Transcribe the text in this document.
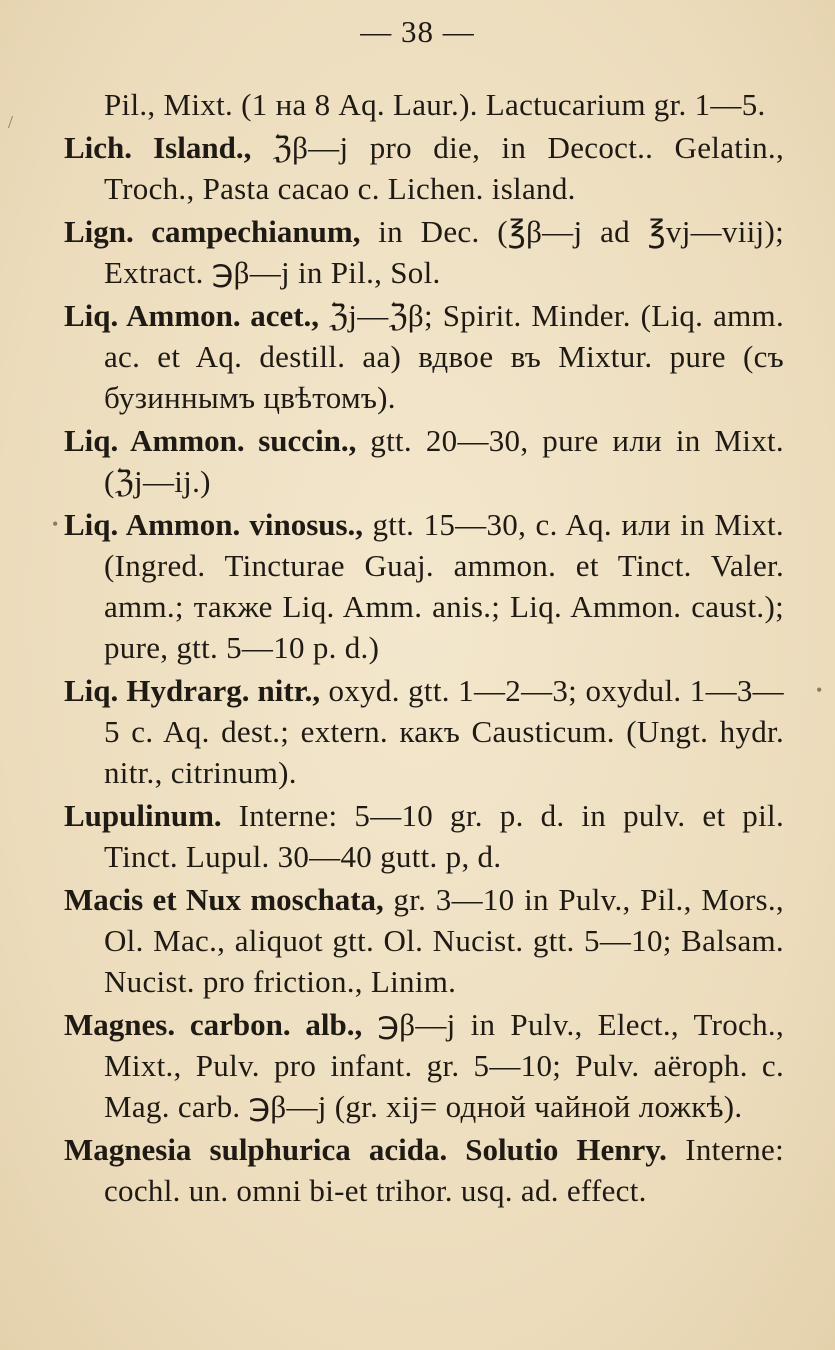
— 38 —

Pil., Mixt. (1 на 8 Aq. Laur.). Lactucarium gr. 1—5.

Lich. Island., ℨβ—j pro die, in Decoct.. Gelatin., Troch., Pasta cacao c. Lichen. island.

Lign. campechianum, in Dec. (℥β—j ad ℥vj—viij); Extract. ℈β—j in Pil., Sol.

Liq. Ammon. acet., ℨj—ℨβ; Spirit. Minder. (Liq. amm. ac. et Aq. destill. aa) вдвое въ Mixtur. pure (съ бузиннымъ цвѣтомъ).

Liq. Ammon. succin., gtt. 20—30, pure или in Mixt. (ℨj—ij.)

Liq. Ammon. vinosus., gtt. 15—30, c. Aq. или in Mixt. (Ingred. Tincturae Guaj. ammon. et Tinct. Valer. amm.; также Liq. Amm. anis.; Liq. Ammon. caust.); pure, gtt. 5—10 p. d.)

Liq. Hydrarg. nitr., oxyd. gtt. 1—2—3; oxydul. 1—3—5 c. Aq. dest.; extern. какъ Causticum. (Ungt. hydr. nitr., citrinum).

Lupulinum. Interne: 5—10 gr. p. d. in pulv. et pil. Tinct. Lupul. 30—40 gutt. p, d.

Macis et Nux moschata, gr. 3—10 in Pulv., Pil., Mors., Ol. Mac., aliquot gtt. Ol. Nucist. gtt. 5—10; Balsam. Nucist. pro friction., Linim.

Magnes. carbon. alb., ℈β—j in Pulv., Elect., Troch., Mixt., Pulv. pro infant. gr. 5—10; Pulv. aëroph. c. Mag. carb. ℈β—j (gr. xij= одной чайной ложкѣ).

Magnesia sulphurica acida. Solutio Henry. Interne: cochl. un. omni bi-et trihor. usq. ad. effect.

/
•
•
